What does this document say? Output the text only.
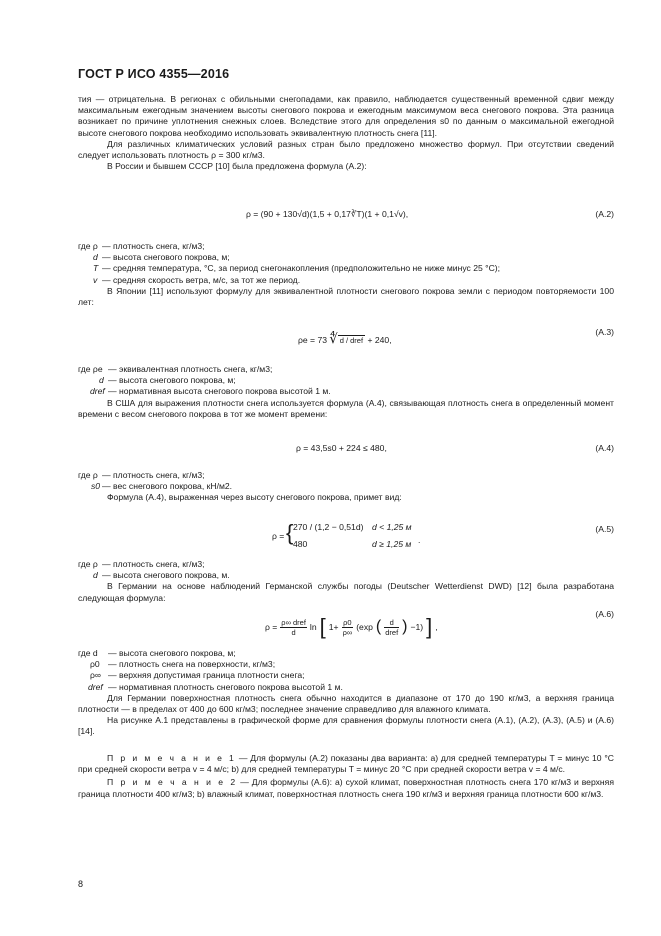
ГОСТ Р ИСО 4355—2016

тия — отрицательна. В регионах с обильными снегопадами, как правило, наблюдается существенный временной сдвиг между максимальным ежегодным значением высоты снегового покрова и ежегодным максимумом веса снегового покрова. Эта разница возникает по причине уплотнения снежных слоев. Вследствие этого для определения s0 по данным о максимальной ежегодной высоте снегового покрова необходимо использовать эквивалентную плотность снега [11].

Для различных климатических условий разных стран было предложено множество формул. При отсутствии сведений следует использовать плотность ρ = 300 кг/м3.

В России и бывшем СССР [10] была предложена формула (А.2):

ρ = (90 + 130√d)(1,5 + 0,17∛T)(1 + 0,1√v),	(А.2)
где ρ — плотность снега, кг/м3;
d — высота снегового покрова, м;
T — средняя температура, °С, за период снегонакопления (предположительно не ниже минус 25 °С);
v — средняя скорость ветра, м/с, за тот же период.

В Японии [11] используют формулу для эквивалентной плотности снегового покрова земли с периодом повторяемости 100 лет:

ρe = 73 ∜ d / dref + 240,
(А.3)
где ρe — эквивалентная плотность снега, кг/м3;
d — высота снегового покрова, м;
dref — нормативная высота снегового покрова высотой 1 м.

В США для выражения плотности снега используется формула (А.4), связывающая плотность снега в определенный момент времени с весом снегового покрова в тот же момент времени:

ρ = 43,5s0 + 224 ≤ 480,	(А.4)
где ρ — плотность снега, кг/м3;
s0 — вес снегового покрова, кН/м2.

Формула (А.4), выраженная через высоту снегового покрова, примет вид:

ρ = { 270 / (1,2 − 0,51d) d < 1,25 м
480	d ≥ 1,25 м .
(А.5)
где ρ — плотность снега, кг/м3;
d — высота снегового покрова, м.

В Германии на основе наблюдений Германской службы погоды (Deutscher Wetterdienst DWD) [12] была разработана следующая формула:

$\rho = \frac{\text{ρ∞ dref}}{d}$ ln [ $1+ \frac{\rho 0}{\rho\infty} (\exp$ ( $\frac{d}{\text{dref}}$ ) −1) ] ,
(А.6)
где d — высота снегового покрова, м;
ρ0 — плотность снега на поверхности, кг/м3;
ρ∞ — верхняя допустимая граница плотности снега;
dref — нормативная плотность снегового покрова высотой 1 м.

Для Германии поверхностная плотность снега обычно находится в диапазоне от 170 до 190 кг/м3, а верхняя граница плотности — в пределах от 400 до 600 кг/м3; последнее значение справедливо для влажного климата.

На рисунке А.1 представлены в графической форме для сравнения формулы плотности снега (А.1), (А.2), (А.3), (А.5) и (А.6) [14].

П р и м е ч а н и е 1 — Для формулы (А.2) показаны два варианта: а) для средней температуры T = минус 10 °С при средней скорости ветра v = 4 м/с; b) для средней температуры T = минус 20 °С при средней скорости ветра v = 4 м/с.

П р и м е ч а н и е 2 — Для формулы (А.6): а) сухой климат, поверхностная плотность снега 170 кг/м3 и верхняя граница плотности 400 кг/м3; b) влажный климат, поверхностная плотность снега 190 кг/м3 и верхняя граница плотности 600 кг/м3.

8
